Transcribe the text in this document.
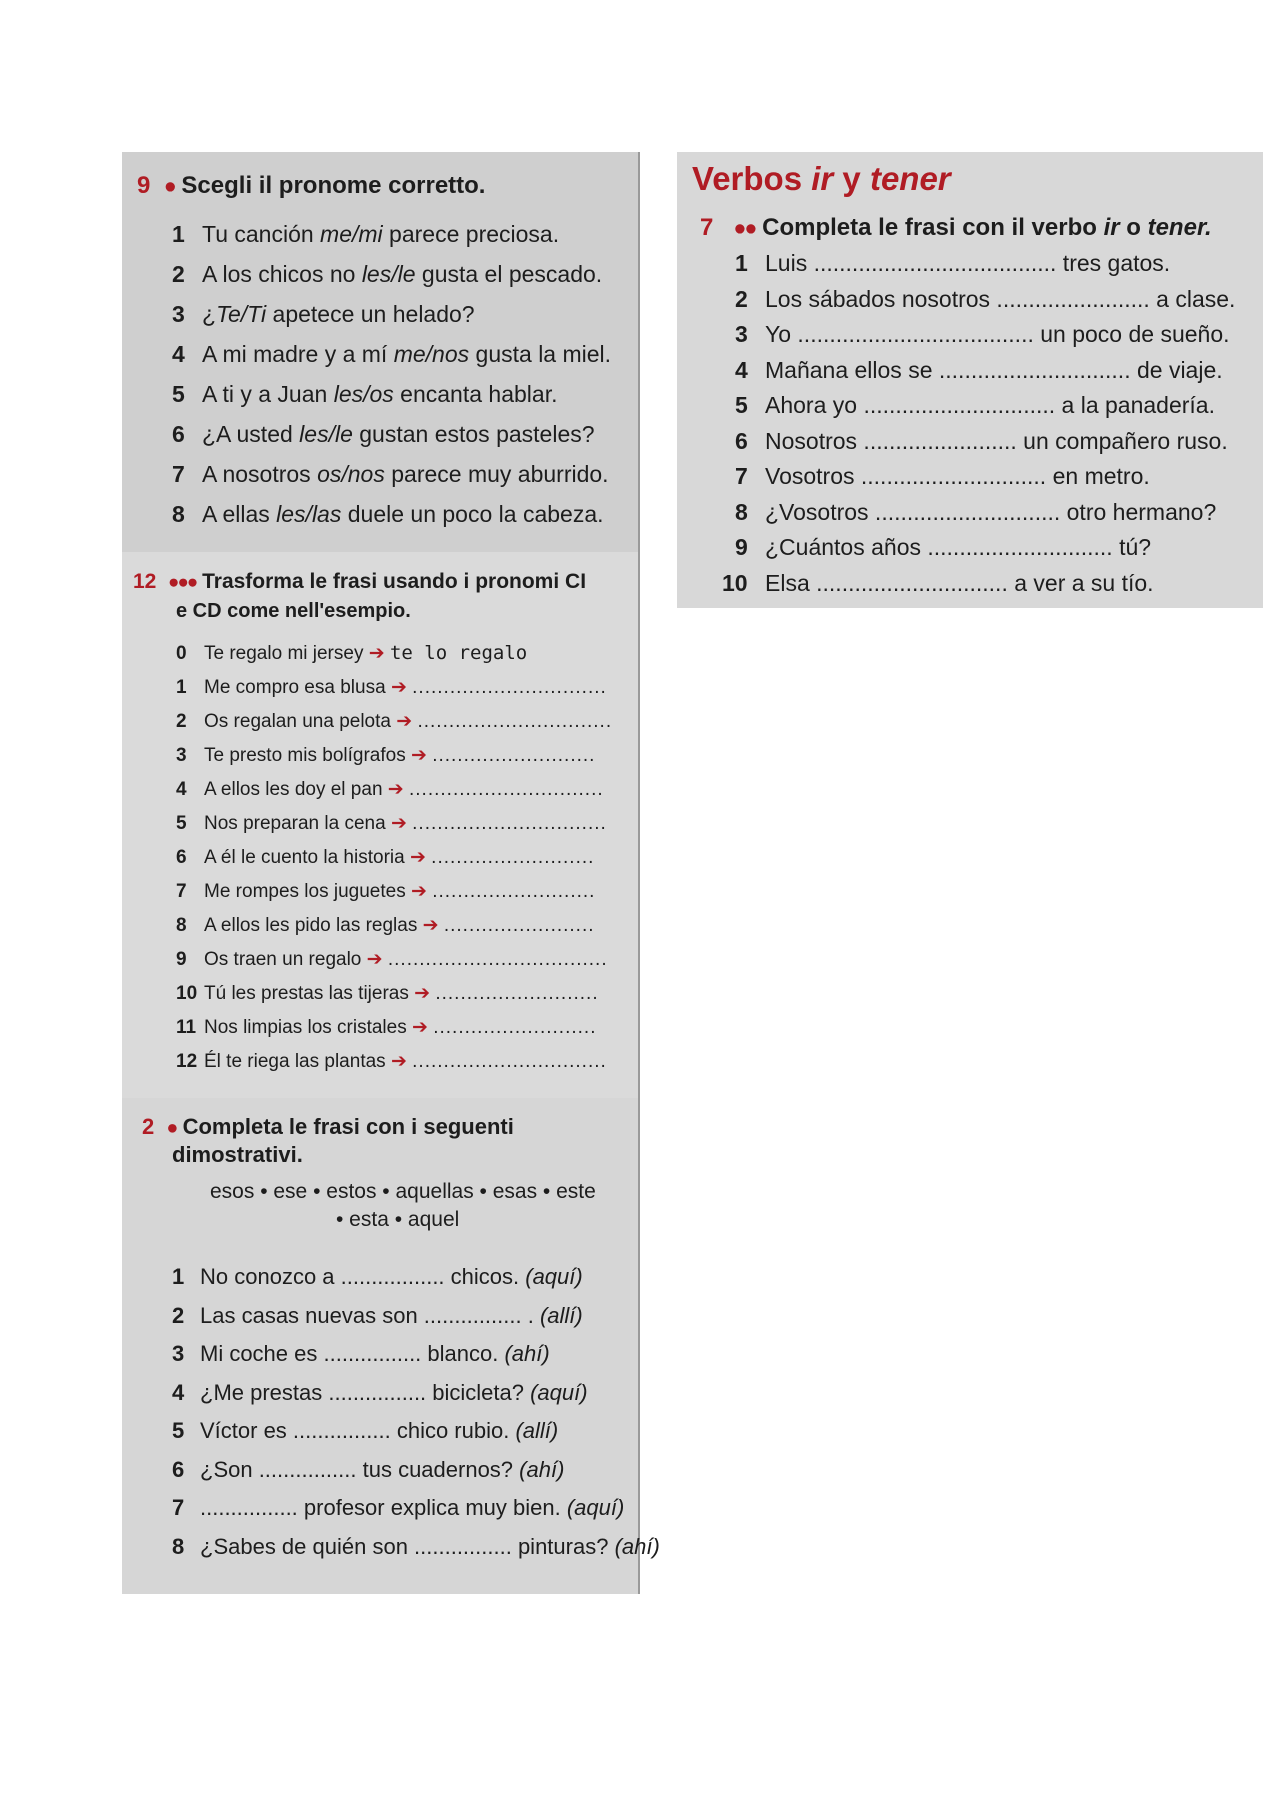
9 ● Scegli il pronome corretto.
1 Tu canción me/mi parece preciosa.
2 A los chicos no les/le gusta el pescado.
3 ¿Te/Ti apetece un helado?
4 A mi madre y a mí me/nos gusta la miel.
5 A ti y a Juan les/os encanta hablar.
6 ¿A usted les/le gustan estos pasteles?
7 A nosotros os/nos parece muy aburrido.
8 A ellas les/las duele un poco la cabeza.
12 ●●● Trasforma le frasi usando i pronomi CI
e CD come nell'esempio.
0 Te regalo mi jersey ➔ te lo regalo
1 Me compro esa blusa ➔ ...............................
2 Os regalan una pelota ➔ ...............................
3 Te presto mis bolígrafos ➔ ..........................
4 A ellos les doy el pan ➔ ...............................
5 Nos preparan la cena ➔ ...............................
6 A él le cuento la historia ➔ ..........................
7 Me rompes los juguetes ➔ ..........................
8 A ellos les pido las reglas ➔ ........................
9 Os traen un regalo ➔ ...................................
10 Tú les prestas las tijeras ➔ ..........................
11 Nos limpias los cristales ➔ ..........................
12 Él te riega las plantas ➔ ...............................
2 ● Completa le frasi con i seguenti
dimostrativi.
esos • ese • estos • aquellas • esas • este
• esta • aquel
1 No conozco a ................. chicos. (aquí)
2 Las casas nuevas son ................ . (allí)
3 Mi coche es ................ blanco. (ahí)
4 ¿Me prestas ................ bicicleta? (aquí)
5 Víctor es ................ chico rubio. (allí)
6 ¿Son ................ tus cuadernos? (ahí)
7 ................ profesor explica muy bien. (aquí)
8 ¿Sabes de quién son ................ pinturas? (ahí)
Verbos ir y tener
7 ●● Completa le frasi con il verbo ir o tener.
1 Luis ...................................... tres gatos.
2 Los sábados nosotros ........................ a clase.
3 Yo ..................................... un poco de sueño.
4 Mañana ellos se .............................. de viaje.
5 Ahora yo .............................. a la panadería.
6 Nosotros ........................ un compañero ruso.
7 Vosotros ............................. en metro.
8 ¿Vosotros ............................. otro hermano?
9 ¿Cuántos años ............................. tú?
10 Elsa .............................. a ver a su tío.
